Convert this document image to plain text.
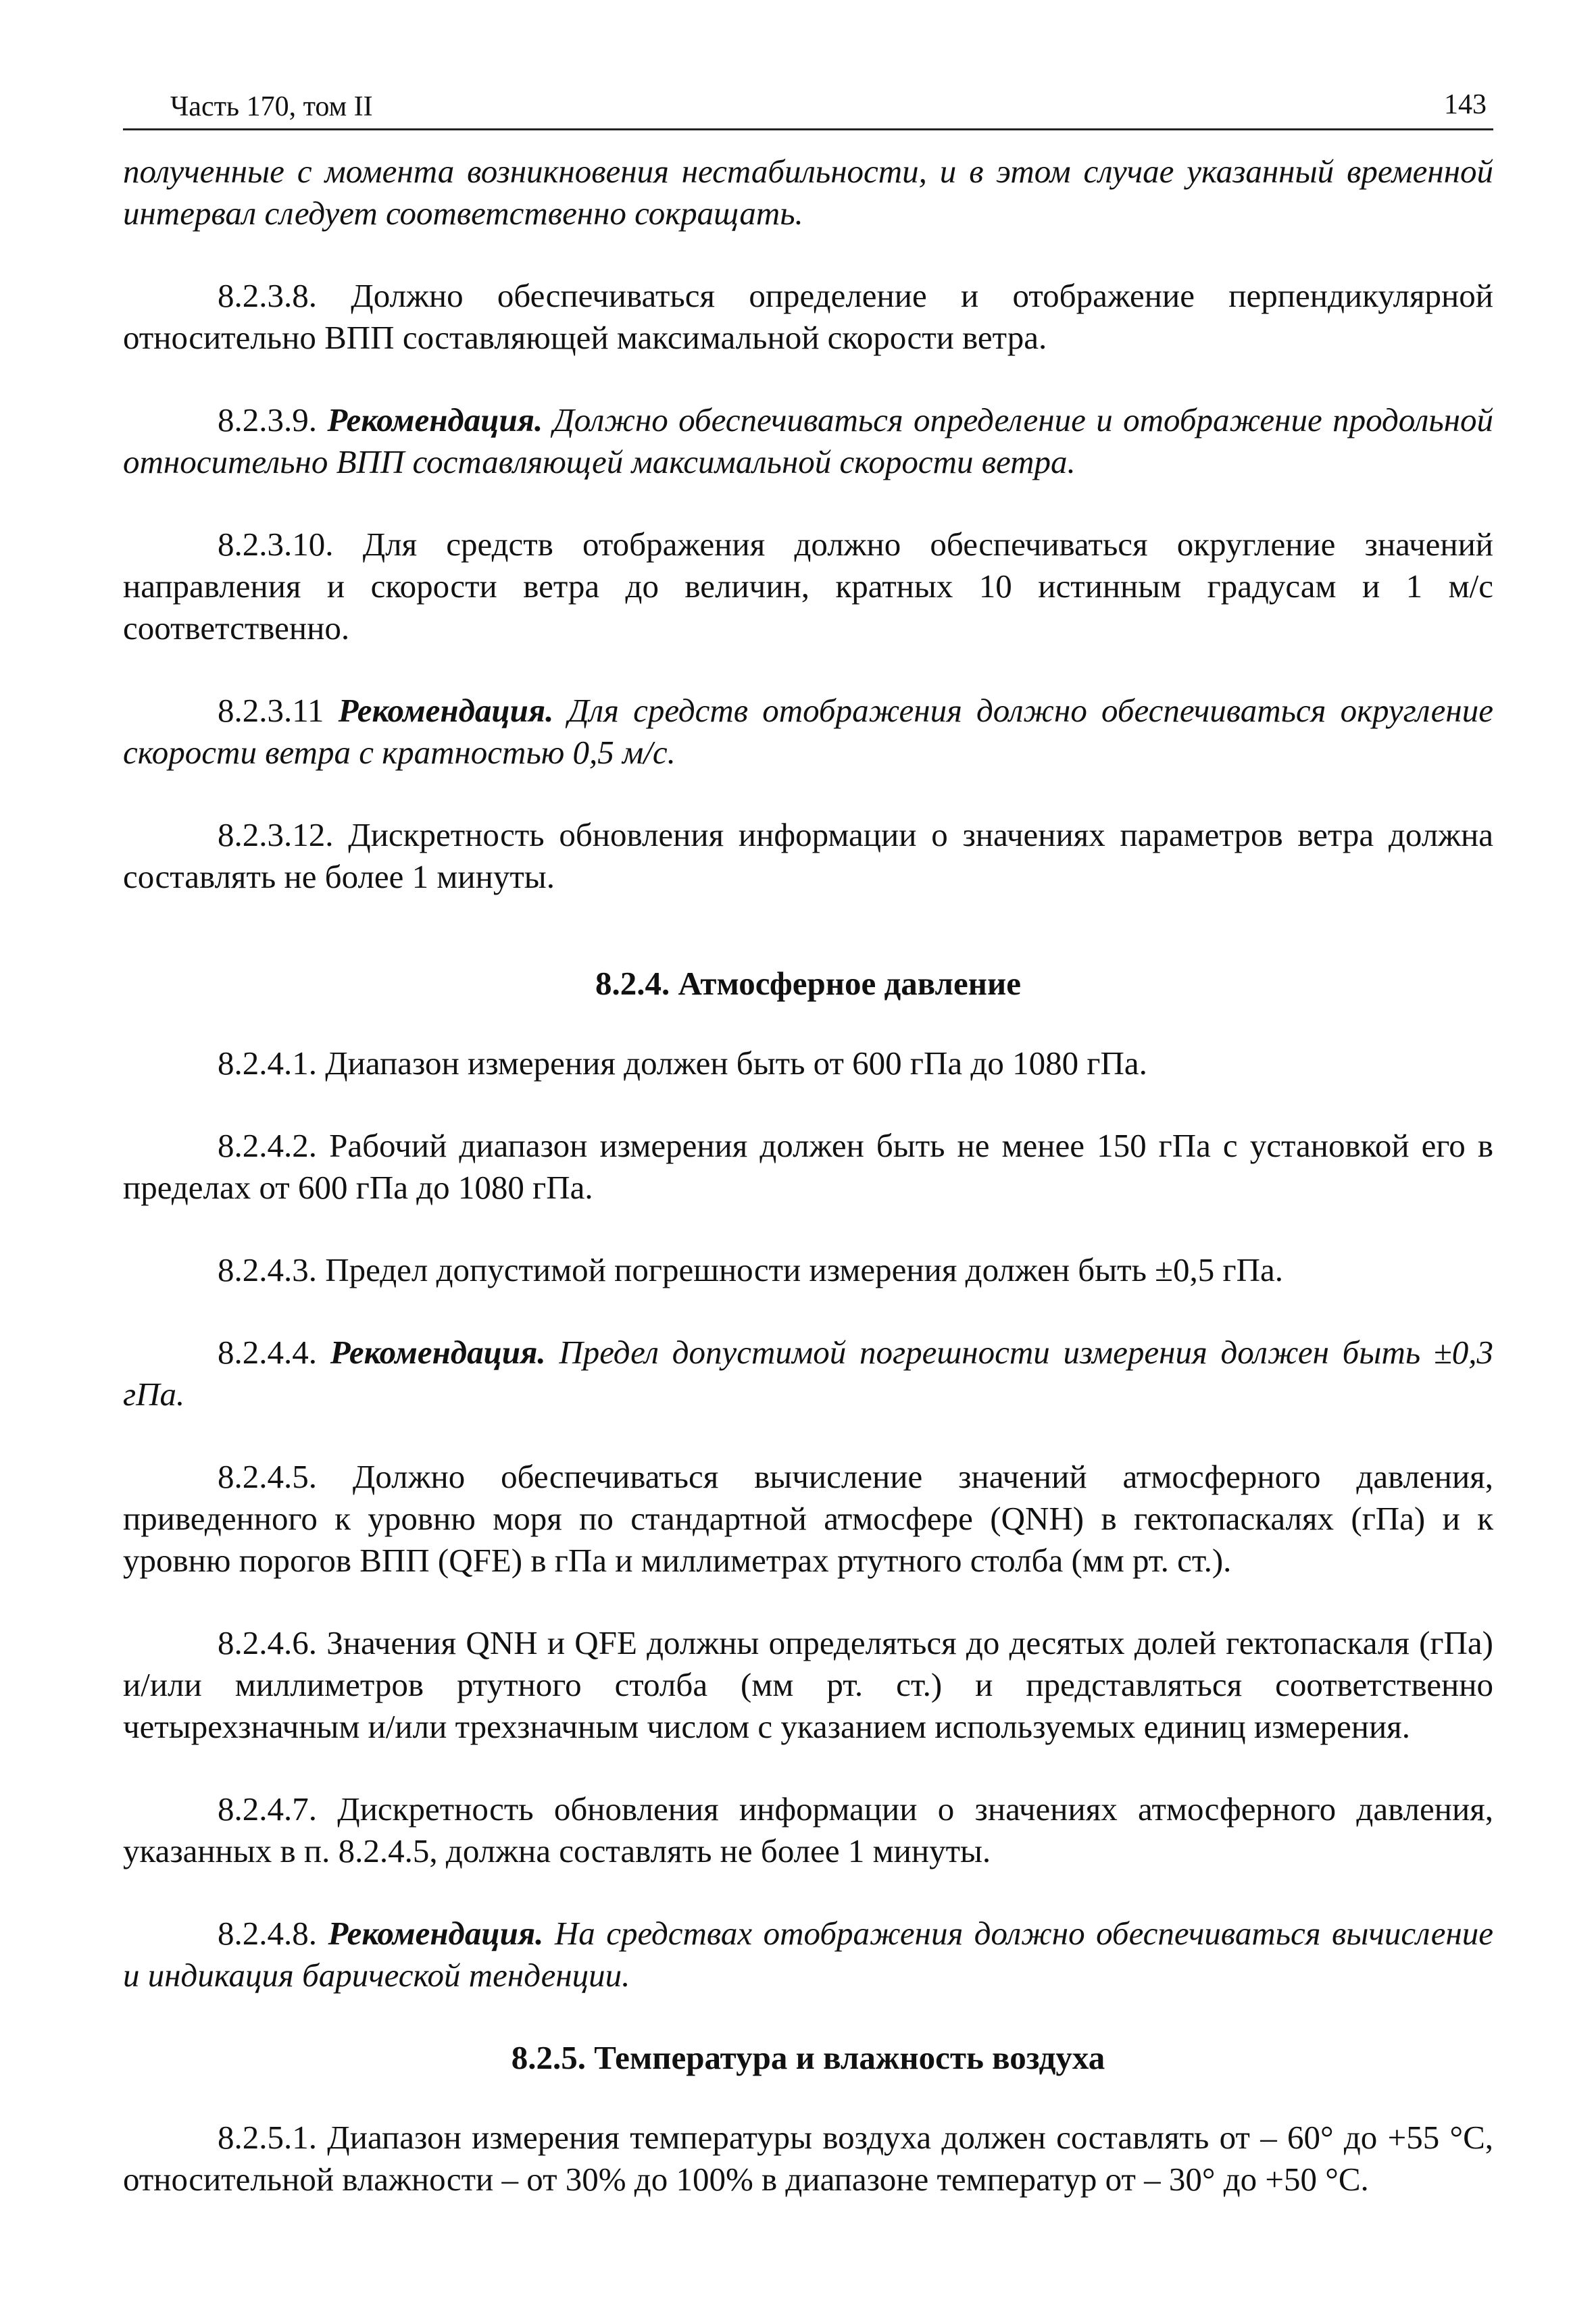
Часть 170, том II	143

полученные с момента возникновения нестабильности, и в этом случае указанный временной интервал следует соответственно сокращать.

8.2.3.8. Должно обеспечиваться определение и отображение перпендикулярной относительно ВПП составляющей максимальной скорости ветра.

8.2.3.9. Рекомендация. Должно обеспечиваться определение и отображение продольной относительно ВПП составляющей максимальной скорости ветра.

8.2.3.10. Для средств отображения должно обеспечиваться округление значений направления и скорости ветра до величин, кратных 10 истинным градусам и 1 м/с соответственно.

8.2.3.11 Рекомендация. Для средств отображения должно обеспечиваться округление скорости ветра с кратностью 0,5 м/с.

8.2.3.12. Дискретность обновления информации о значениях параметров ветра должна составлять не более 1 минуты.

8.2.4. Атмосферное давление

8.2.4.1. Диапазон измерения должен быть от 600 гПа до 1080 гПа.

8.2.4.2. Рабочий диапазон измерения должен быть не менее 150 гПа с установкой его в пределах от 600 гПа до 1080 гПа.

8.2.4.3. Предел допустимой погрешности измерения должен быть ±0,5 гПа.

8.2.4.4. Рекомендация. Предел допустимой погрешности измерения должен быть ±0,3 гПа.

8.2.4.5. Должно обеспечиваться вычисление значений атмосферного давления, приведенного к уровню моря по стандартной атмосфере (QNH) в гектопаскалях (гПа) и к уровню порогов ВПП (QFE) в гПа и миллиметрах ртутного столба (мм рт. ст.).

8.2.4.6. Значения QNH и QFE должны определяться до десятых долей гектопаскаля (гПа) и/или миллиметров ртутного столба (мм рт. ст.) и представляться соответственно четырехзначным и/или трехзначным числом с указанием используемых единиц измерения.

8.2.4.7. Дискретность обновления информации о значениях атмосферного давления, указанных в п. 8.2.4.5, должна составлять не более 1 минуты.

8.2.4.8. Рекомендация. На средствах отображения должно обеспечиваться вычисление и индикация барической тенденции.

8.2.5. Температура и влажность воздуха

8.2.5.1. Диапазон измерения температуры воздуха должен составлять от – 60° до +55 °С, относительной влажности – от 30% до 100% в диапазоне температур от – 30° до +50 °С.
